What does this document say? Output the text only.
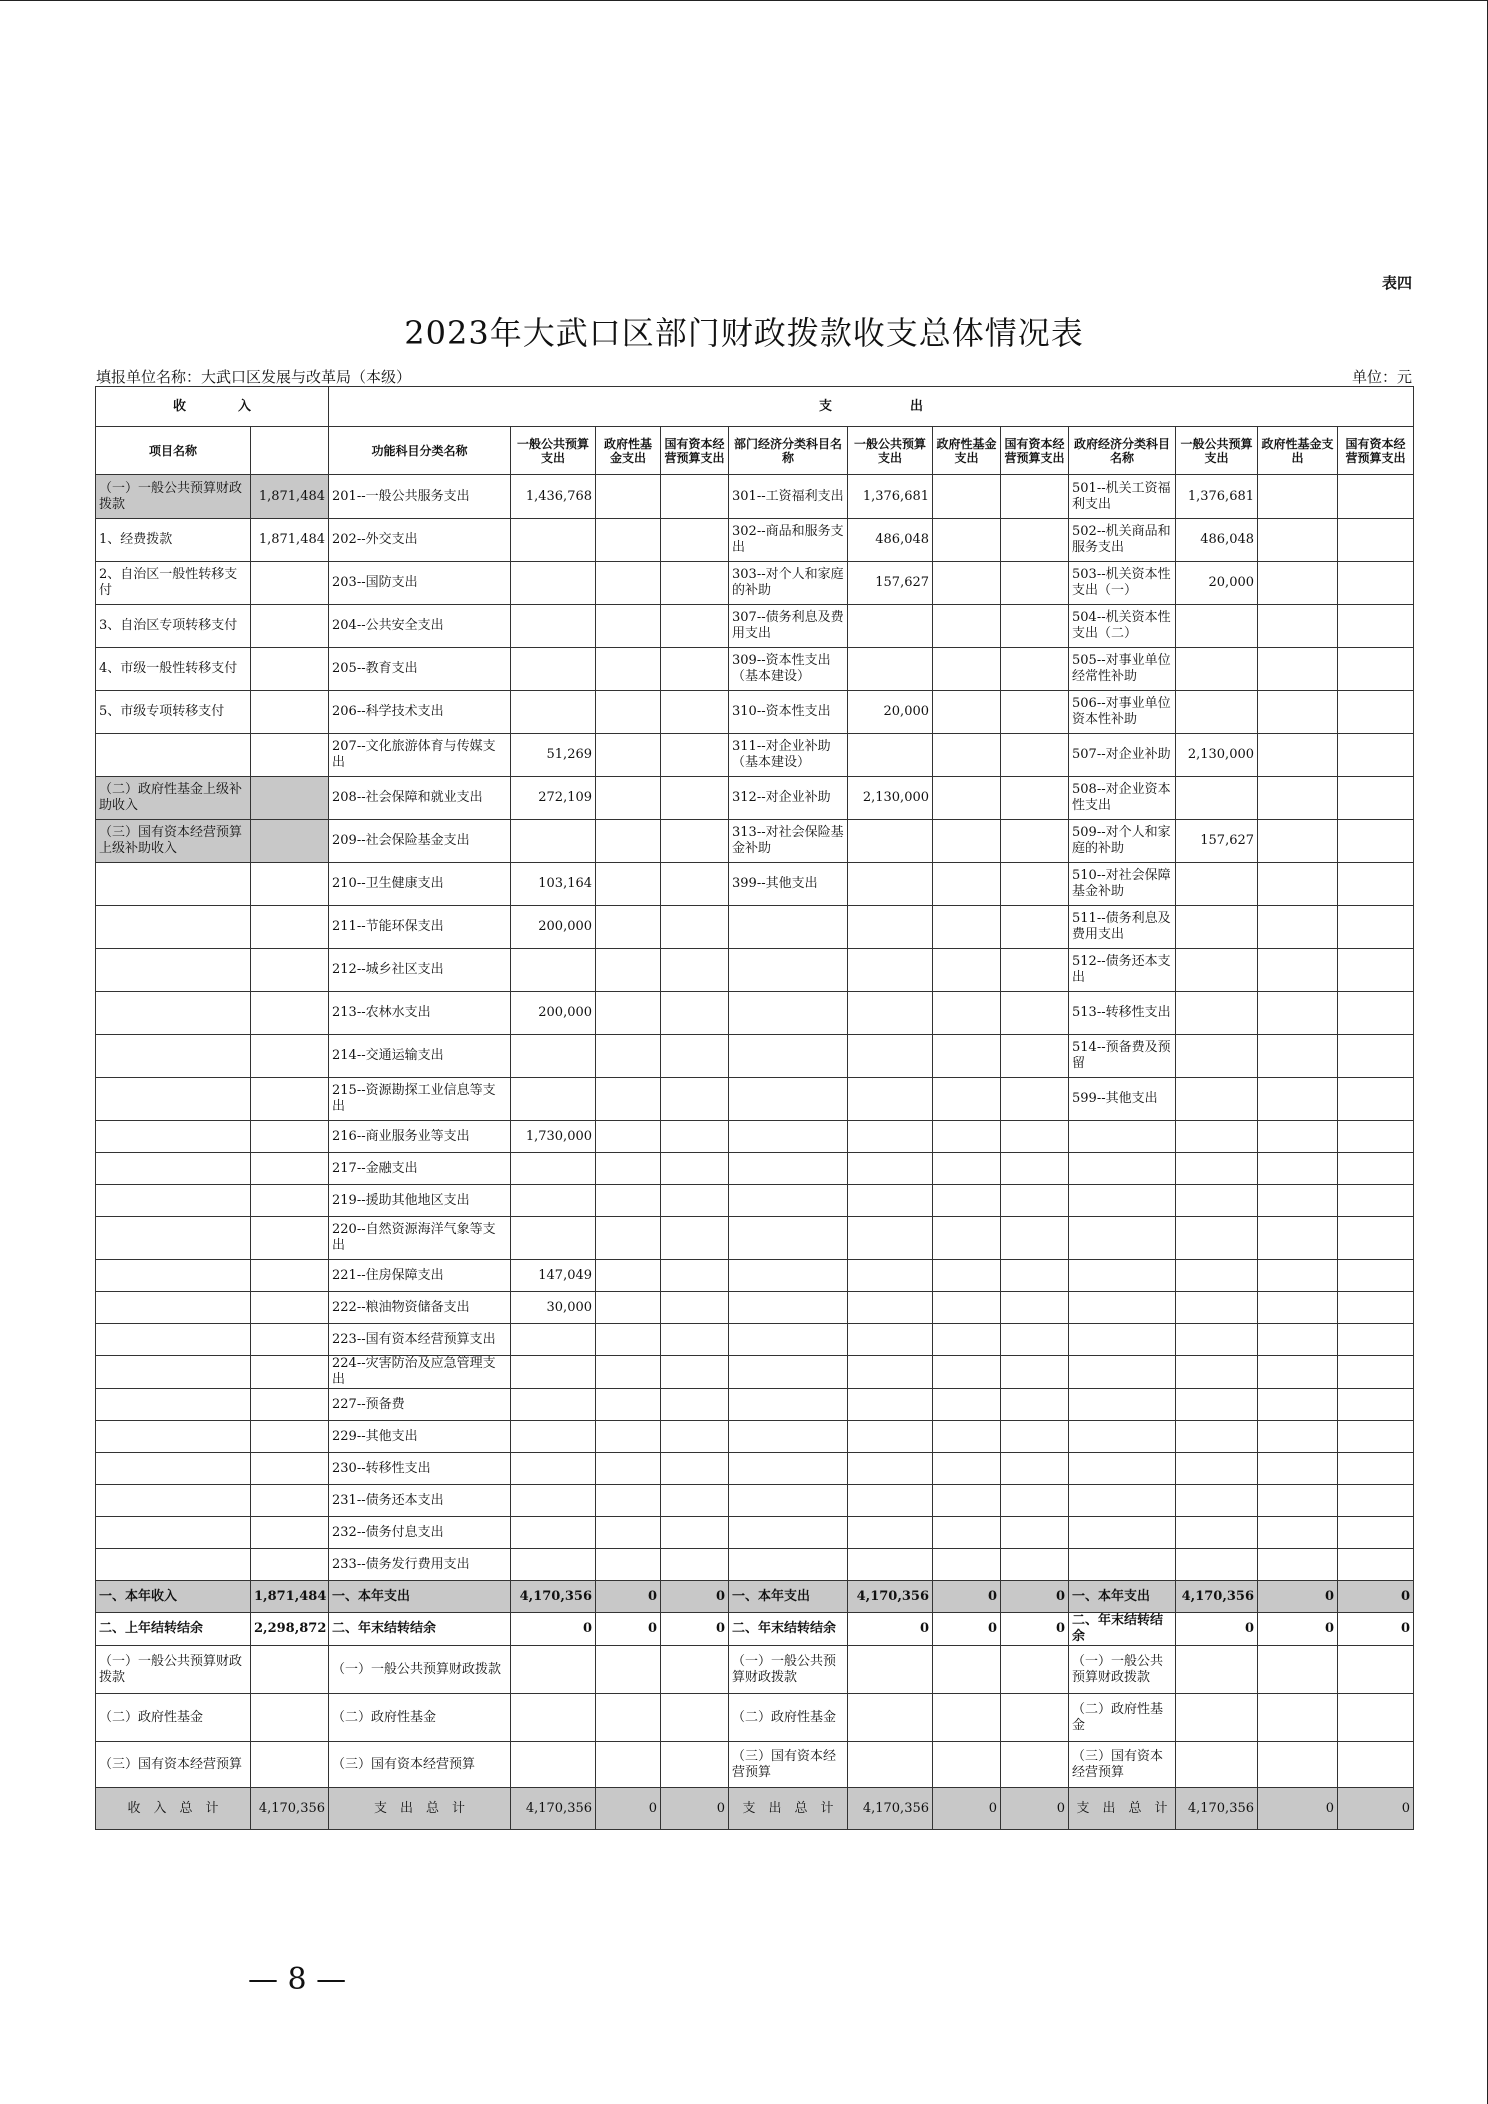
表四
2023年大武口区部门财政拨款收支总体情况表
填报单位名称：大武口区发展与改革局（本级）	单位：元
收　　　　入		支　　　　　　出											
项目名称		功能科目分类名称	一般公共预算支出	政府性基金支出	国有资本经营预算支出	部门经济分类科目名称	一般公共预算支出	政府性基金支出	国有资本经营预算支出	政府经济分类科目名称	一般公共预算支出	政府性基金支出	国有资本经营预算支出
（一）一般公共预算财政拨款	1,871,484	201--一般公共服务支出	1,436,768			301--工资福利支出	1,376,681			501--机关工资福利支出	1,376,681		
1、经费拨款	1,871,484	202--外交支出				302--商品和服务支出	486,048			502--机关商品和服务支出	486,048		
2、自治区一般性转移支付		203--国防支出				303--对个人和家庭的补助	157,627			503--机关资本性支出（一）	20,000		
3、自治区专项转移支付		204--公共安全支出				307--债务利息及费用支出				504--机关资本性支出（二）			
4、市级一般性转移支付		205--教育支出				309--资本性支出（基本建设）				505--对事业单位经常性补助			
5、市级专项转移支付		206--科学技术支出				310--资本性支出	20,000			506--对事业单位资本性补助			
		207--文化旅游体育与传媒支出	51,269			311--对企业补助（基本建设）				507--对企业补助	2,130,000		
（二）政府性基金上级补助收入		208--社会保障和就业支出	272,109			312--对企业补助	2,130,000			508--对企业资本性支出			
（三）国有资本经营预算上级补助收入		209--社会保险基金支出				313--对社会保险基金补助				509--对个人和家庭的补助	157,627		
		210--卫生健康支出	103,164			399--其他支出				510--对社会保障基金补助			
		211--节能环保支出	200,000							511--债务利息及费用支出			
		212--城乡社区支出								512--债务还本支出			
		213--农林水支出	200,000							513--转移性支出			
		214--交通运输支出								514--预备费及预留			
		215--资源勘探工业信息等支出								599--其他支出			
		216--商业服务业等支出	1,730,000										
		217--金融支出											
		219--援助其他地区支出											
		220--自然资源海洋气象等支出											
		221--住房保障支出	147,049										
		222--粮油物资储备支出	30,000										
		223--国有资本经营预算支出											
		224--灾害防治及应急管理支出											
		227--预备费											
		229--其他支出											
		230--转移性支出											
		231--债务还本支出											
		232--债务付息支出											
		233--债务发行费用支出											
一、本年收入	1,871,484	一、本年支出	4,170,356	0	0	一、本年支出	4,170,356	0	0	一、本年支出	4,170,356	0	0
二、上年结转结余	2,298,872	二、年末结转结余	0	0	0	二、年末结转结余	0	0	0	二、年末结转结余	0	0	0
（一）一般公共预算财政拨款		（一）一般公共预算财政拨款				（一）一般公共预算财政拨款				（一）一般公共预算财政拨款			
（二）政府性基金		（二）政府性基金				（二）政府性基金				（二）政府性基金			
（三）国有资本经营预算		（三）国有资本经营预算				（三）国有资本经营预算				（三）国有资本经营预算			
收　入　总　计	4,170,356	支　出　总　计	4,170,356	0	0	支　出　总　计	4,170,356	0	0	支　出　总　计	4,170,356	0	0
— 8 —
